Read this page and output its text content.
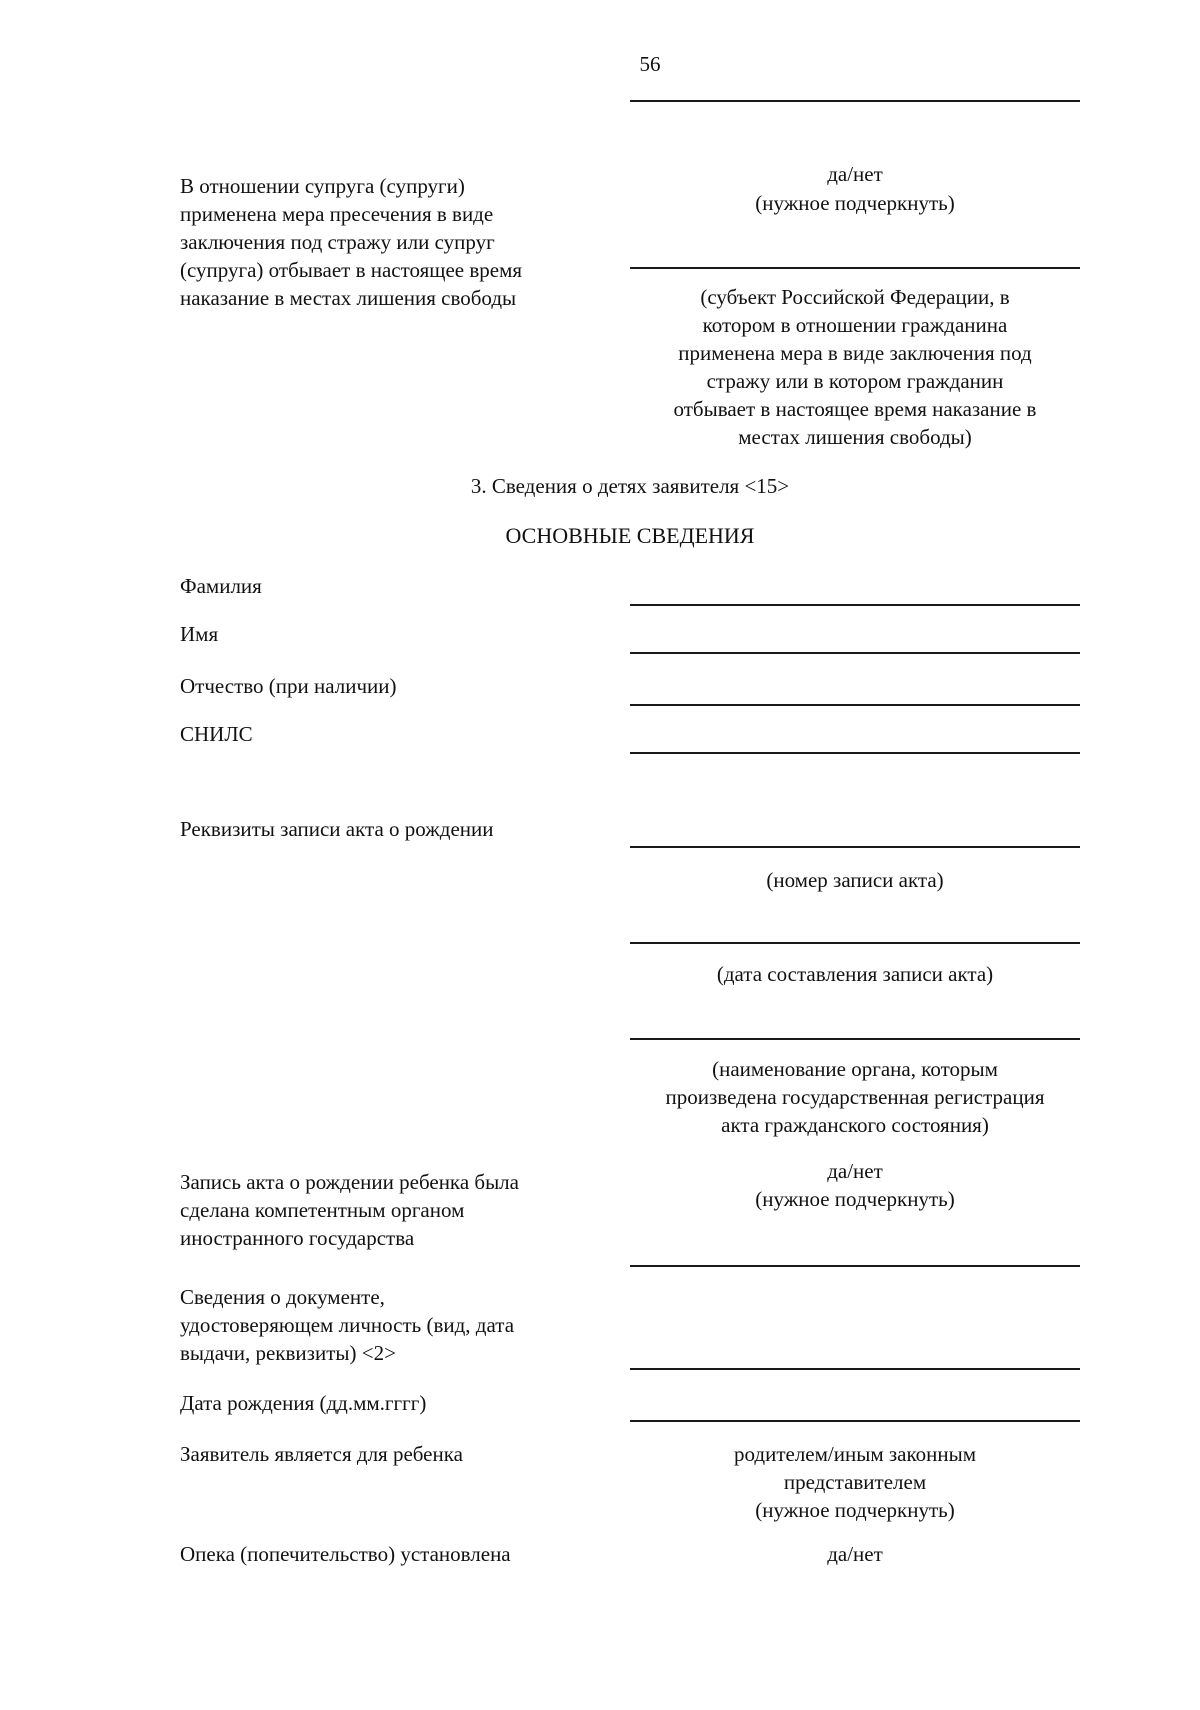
56
В отношении супруга (супруги)
применена мера пресечения в виде
заключения под стражу или супруг
(супруга) отбывает в настоящее время
наказание в местах лишения свободы
да/нет
(нужное подчеркнуть)
(субъект Российской Федерации, в
котором в отношении гражданина
применена мера в виде заключения под
стражу или в котором гражданин
отбывает в настоящее время наказание в
местах лишения свободы)
3. Сведения о детях заявителя <15>
ОСНОВНЫЕ СВЕДЕНИЯ
Фамилия
Имя
Отчество (при наличии)
СНИЛС
Реквизиты записи акта о рождении
(номер записи акта)
(дата составления записи акта)
(наименование органа, которым
произведена государственная регистрация
акта гражданского состояния)
Запись акта о рождении ребенка была
сделана компетентным органом
иностранного государства
да/нет
(нужное подчеркнуть)
Сведения о документе,
удостоверяющем личность (вид, дата
выдачи, реквизиты) <2>
Дата рождения (дд.мм.гггг)
Заявитель является для ребенка	родителем/иным законным
представителем
(нужное подчеркнуть)
Опека (попечительство) установлена	да/нет
